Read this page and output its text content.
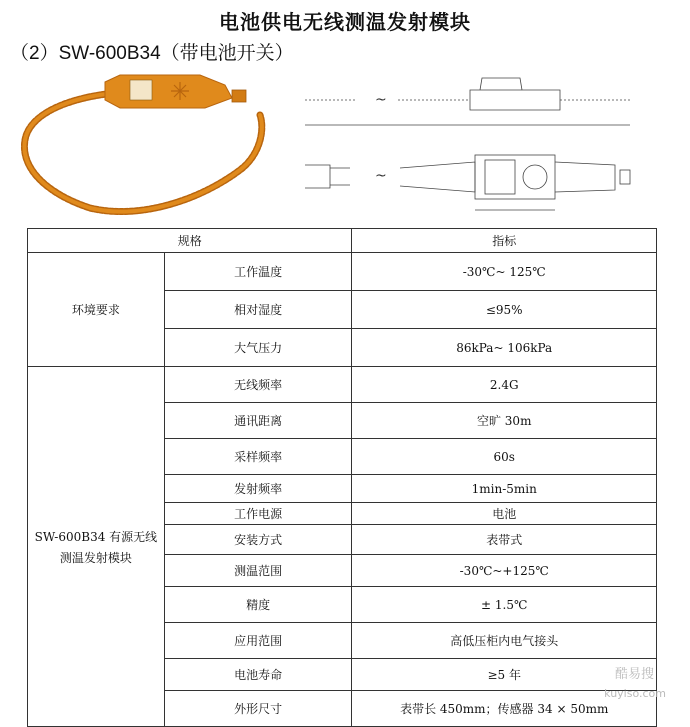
电池供电无线测温发射模块
（2）SW-600B34（带电池开关）
~
~
规格		指标
环境要求	工作温度	-30℃~ 125℃
	相对湿度	≤95%
	大气压力	86kPa~ 106kPa

SW-600B34 有源无线
测温发射模块	无线频率	2.4G
	通讯距离	空旷 30m
	采样频率	60s
	发射频率	1min-5min
	工作电源	电池
	安装方式	表带式
	测温范围	-30℃~+125℃
	精度	± 1.5℃
	应用范围	高低压柜内电气接头
	电池寿命	≥5 年
	外形尺寸	表带长 450mm；传感器 34 × 50mm
酷易搜
kuyiso.com
